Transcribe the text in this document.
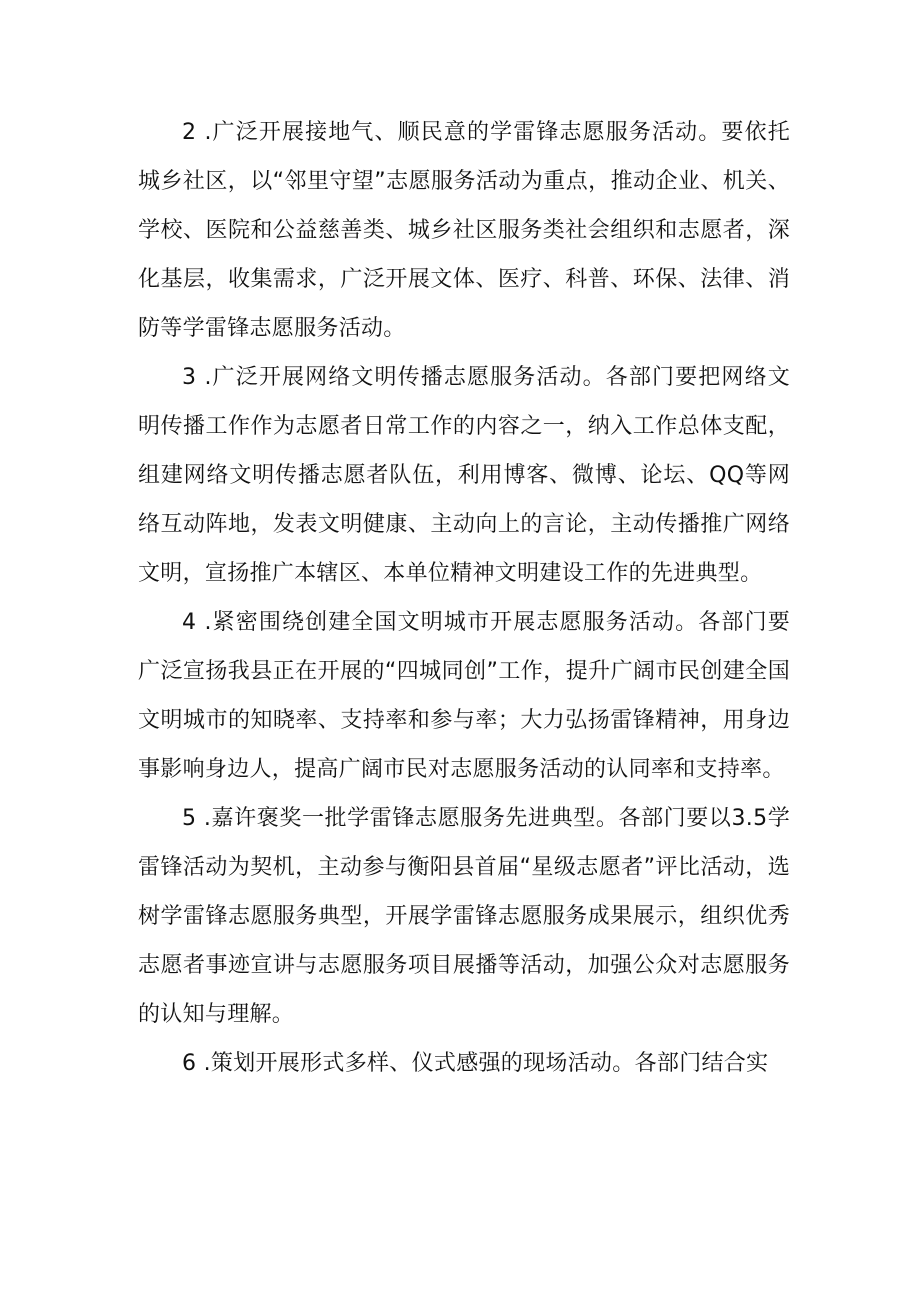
2 .广泛开展接地气、顺民意的学雷锋志愿服务活动。要依托城乡社区，以“邻里守望”志愿服务活动为重点，推动企业、机关、学校、医院和公益慈善类、城乡社区服务类社会组织和志愿者，深化基层，收集需求，广泛开展文体、医疗、科普、环保、法律、消防等学雷锋志愿服务活动。

3 .广泛开展网络文明传播志愿服务活动。各部门要把网络文明传播工作作为志愿者日常工作的内容之一，纳入工作总体支配，组建网络文明传播志愿者队伍，利用博客、微博、论坛、QQ等网络互动阵地，发表文明健康、主动向上的言论，主动传播推广网络文明，宣扬推广本辖区、本单位精神文明建设工作的先进典型。

4 .紧密围绕创建全国文明城市开展志愿服务活动。各部门要广泛宣扬我县正在开展的“四城同创”工作，提升广阔市民创建全国文明城市的知晓率、支持率和参与率；大力弘扬雷锋精神，用身边事影响身边人，提高广阔市民对志愿服务活动的认同率和支持率。

5 .嘉许褒奖一批学雷锋志愿服务先进典型。各部门要以3.5学雷锋活动为契机，主动参与衡阳县首届“星级志愿者”评比活动，选树学雷锋志愿服务典型，开展学雷锋志愿服务成果展示，组织优秀志愿者事迹宣讲与志愿服务项目展播等活动，加强公众对志愿服务的认知与理解。

6 .策划开展形式多样、仪式感强的现场活动。各部门结合实
